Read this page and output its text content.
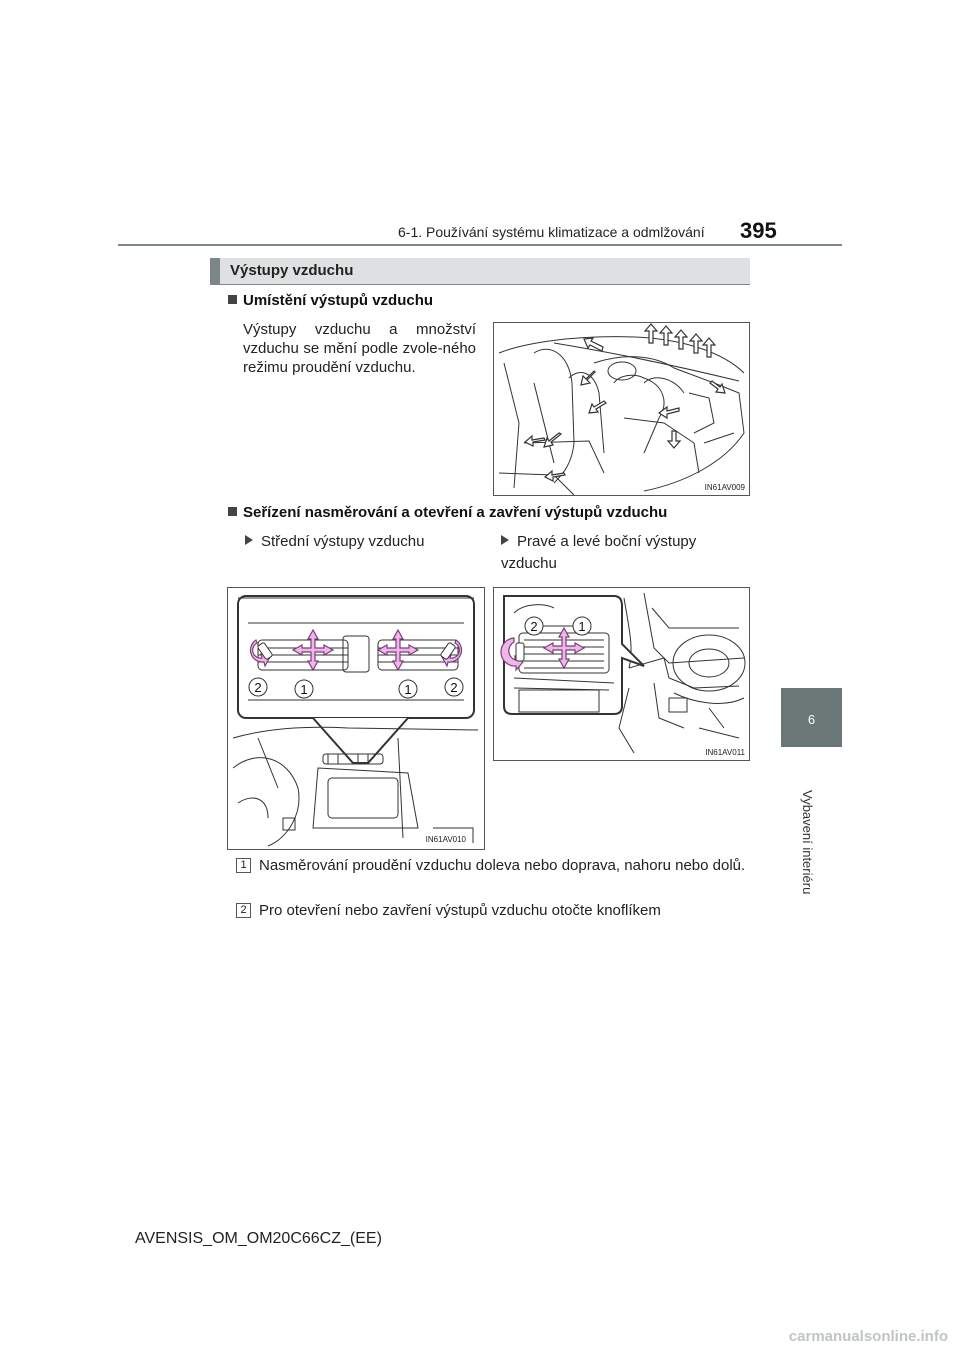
6-1. Používání systému klimatizace a odmlžování 395
6
Vybavení interiéru
Výstupy vzduchu
Umístění výstupů vzduchu
Výstupy vzduchu a množství vzduchu se mění podle zvole-ného režimu proudění vzduchu.
IN61AV009
Seřízení nasměrování a otevření a zavření výstupů vzduchu
Střední výstupy vzduchu	Pravé a levé boční výstupy vzduchu
2	1	1	2
IN61AV010
2	1
IN61AV011
1 Nasměrování proudění vzduchu doleva nebo doprava, nahoru nebo dolů.
2 Pro otevření nebo zavření výstupů vzduchu otočte knoflíkem
AVENSIS_OM_OM20C66CZ_(EE)
carmanualsonline.info
